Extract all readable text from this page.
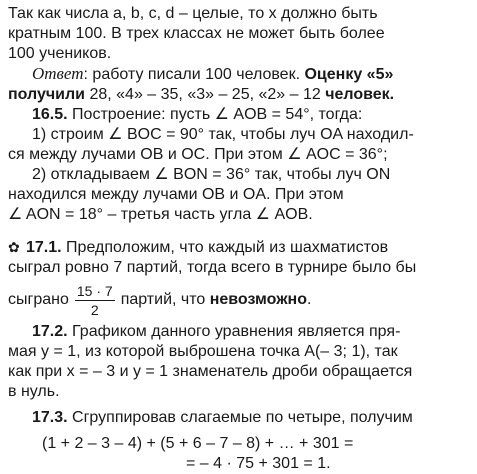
Так как числа a, b, c, d – целые, то x должно быть
кратным 100. В трех классах не может быть более
100 учеников.
Ответ: работу писали 100 человек. Оценку «5»
получили 28, «4» – 35, «3» – 25, «2» – 12 человек.
16.5. Построение: пусть ∠ AOB = 54°, тогда:
1) строим ∠ BOC = 90° так, чтобы луч OA находил-
ся между лучами OB и OC. При этом ∠ AOC = 36°;
2) откладываем ∠ BON = 36° так, чтобы луч ON
находился между лучами OB и OA. При этом
∠ AON = 18° – третья часть угла ∠ AOB.
✿ 17.1. Предположим, что каждый из шахматистов
сыграл ровно 7 партий, тогда всего в турнире было бы
сыграно $\frac{15 \cdot 7}{2}$ партий, что невозможно .
17.2. Графиком данного уравнения является пря-
мая y = 1, из которой выброшена точка A(– 3; 1), так
как при x = – 3 и y = 1 знаменатель дроби обращается
в нуль.
17.3. Сгруппировав слагаемые по четыре, получим
(1 + 2 – 3 – 4) + (5 + 6 – 7 – 8) + … + 301 =
= – 4 · 75 + 301 = 1.
